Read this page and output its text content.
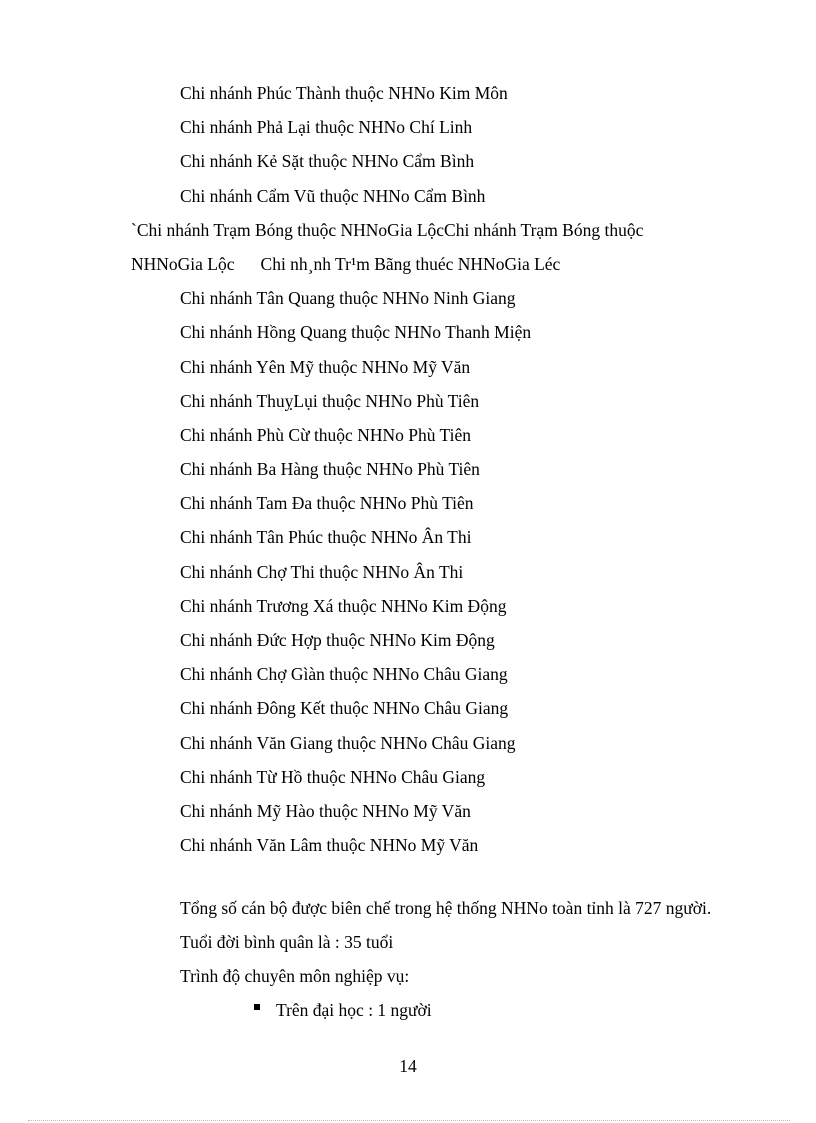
Chi nhánh Phúc Thành thuộc NHNo Kim Môn
Chi nhánh Phả Lại thuộc NHNo Chí Linh
Chi nhánh Kẻ Sặt thuộc NHNo Cẩm Bình
Chi nhánh Cẩm Vũ thuộc NHNo Cẩm Bình
`Chi nhánh Trạm Bóng thuộc NHNoGia LộcChi nhánh Trạm Bóng thuộc
NHNoGia Lộc Chi nh¸nh Tr¹m Bãng thuéc NHNoGia Léc
Chi nhánh Tân Quang thuộc NHNo Ninh Giang
Chi nhánh Hồng Quang thuộc NHNo Thanh Miện
Chi nhánh Yên Mỹ thuộc NHNo Mỹ Văn
Chi nhánh ThuỵLụi thuộc NHNo Phù Tiên
Chi nhánh Phù Cừ thuộc NHNo Phù Tiên
Chi nhánh Ba Hàng thuộc NHNo Phù Tiên
Chi nhánh Tam Đa thuộc NHNo Phù Tiên
Chi nhánh Tân Phúc thuộc NHNo Ân Thi
Chi nhánh Chợ Thi thuộc NHNo Ân Thi
Chi nhánh Trương Xá thuộc NHNo Kim Động
Chi nhánh Đức Hợp thuộc NHNo Kim Động
Chi nhánh Chợ Gìàn thuộc NHNo Châu Giang
Chi nhánh Đông Kết thuộc NHNo Châu Giang
Chi nhánh Văn Giang thuộc NHNo Châu Giang
Chi nhánh Từ Hồ thuộc NHNo Châu Giang
Chi nhánh Mỹ Hào thuộc NHNo Mỹ Văn
Chi nhánh Văn Lâm thuộc NHNo Mỹ Văn
Tổng số cán bộ được biên chế trong hệ thống NHNo toàn tỉnh là 727 người.
Tuổi đời bình quân là : 35 tuổi
Trình độ chuyên môn nghiệp vụ:
Trên đại học : 1 người
14
